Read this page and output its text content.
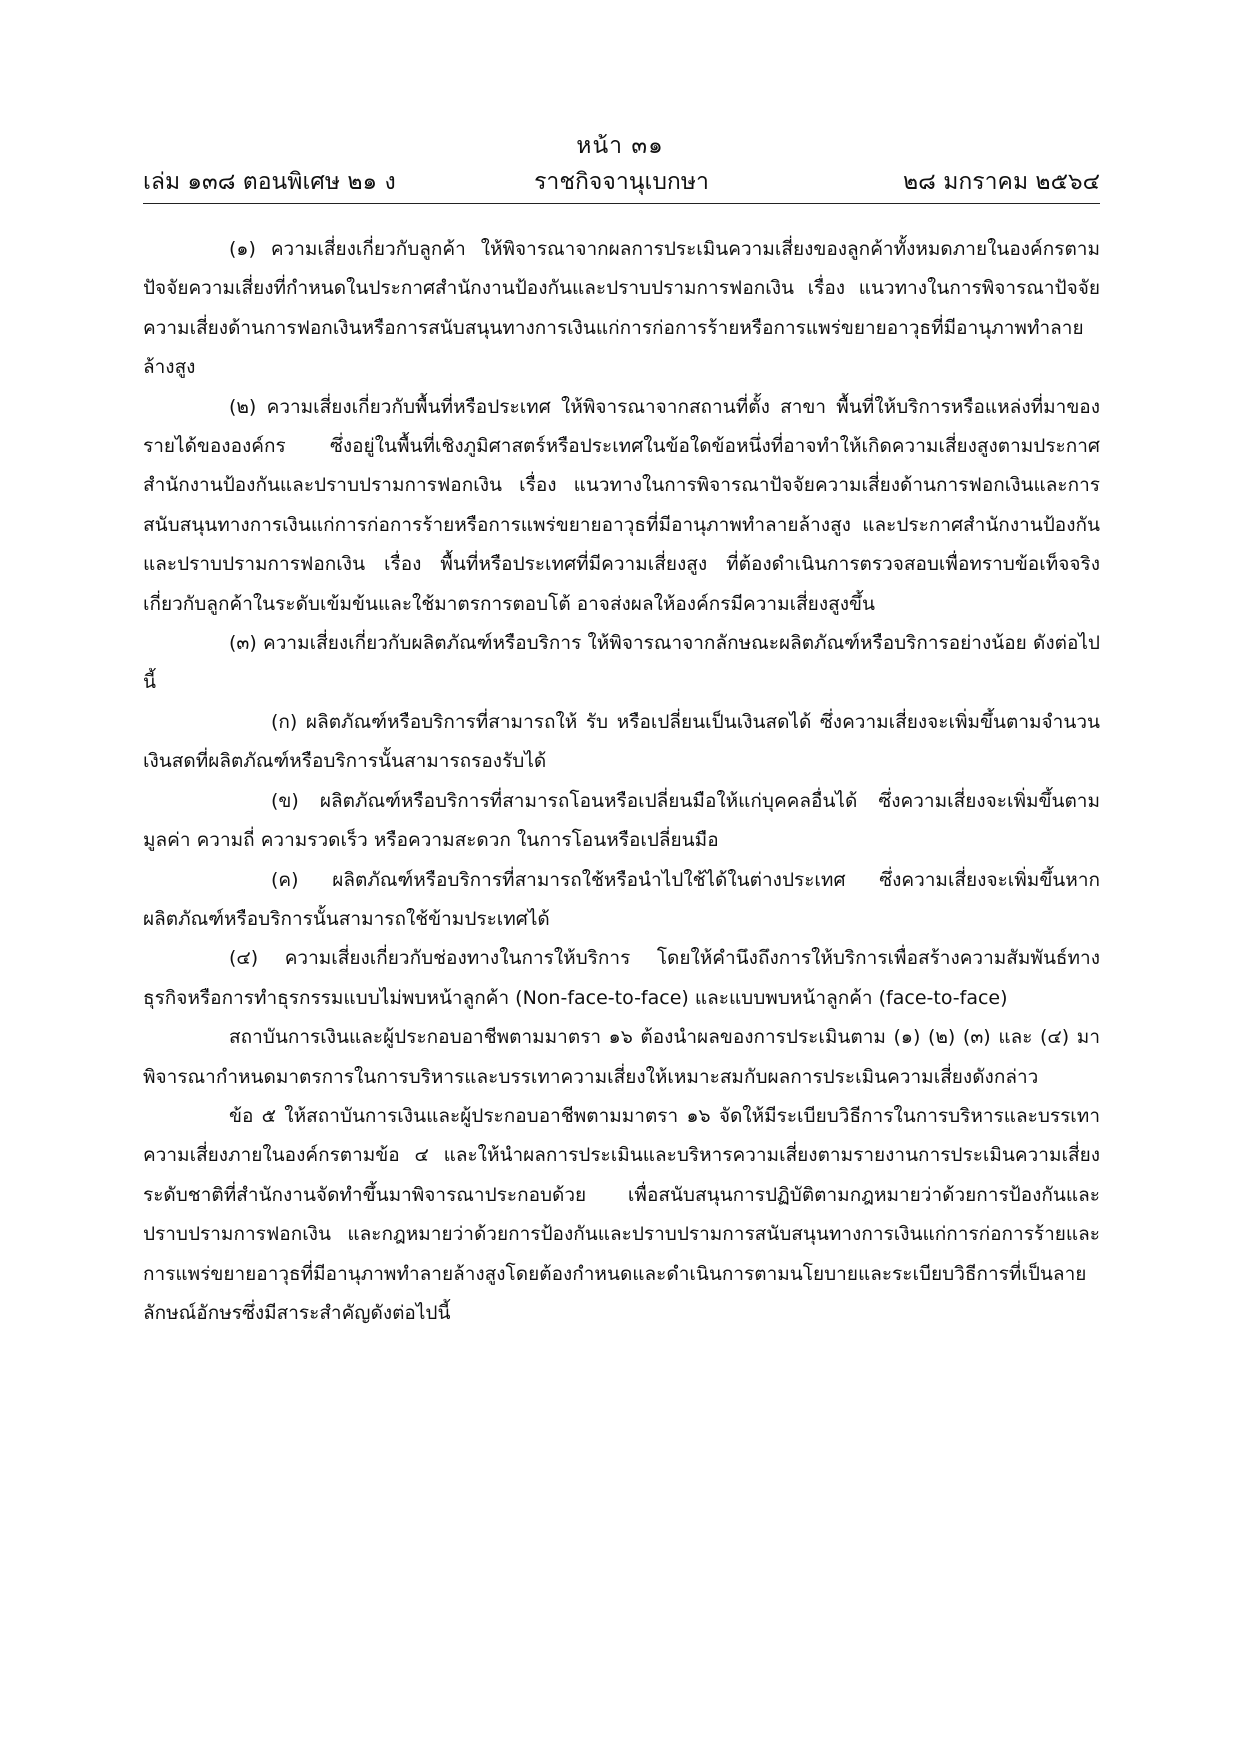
หน้า ๓๑
เล่ม ๑๓๘ ตอนพิเศษ ๒๑ ง	ราชกิจจานุเบกษา	๒๘ มกราคม ๒๕๖๔

(๑) ความเสี่ยงเกี่ยวกับลูกค้า ให้พิจารณาจากผลการประเมินความเสี่ยงของลูกค้าทั้งหมดภายในองค์กรตามปัจจัยความเสี่ยงที่กำหนดในประกาศสำนักงานป้องกันและปราบปรามการฟอกเงิน เรื่อง แนวทางในการพิจารณาปัจจัยความเสี่ยงด้านการฟอกเงินหรือการสนับสนุนทางการเงินแก่การก่อการร้ายหรือการแพร่ขยายอาวุธที่มีอานุภาพทำลายล้างสูง

(๒) ความเสี่ยงเกี่ยวกับพื้นที่หรือประเทศ ให้พิจารณาจากสถานที่ตั้ง สาขา พื้นที่ให้บริการหรือแหล่งที่มาของรายได้ขององค์กร ซึ่งอยู่ในพื้นที่เชิงภูมิศาสตร์หรือประเทศในข้อใดข้อหนึ่งที่อาจทำให้เกิดความเสี่ยงสูงตามประกาศสำนักงานป้องกันและปราบปรามการฟอกเงิน เรื่อง แนวทางในการพิจารณาปัจจัยความเสี่ยงด้านการฟอกเงินและการสนับสนุนทางการเงินแก่การก่อการร้ายหรือการแพร่ขยายอาวุธที่มีอานุภาพทำลายล้างสูง และประกาศสำนักงานป้องกันและปราบปรามการฟอกเงิน เรื่อง พื้นที่หรือประเทศที่มีความเสี่ยงสูง ที่ต้องดำเนินการตรวจสอบเพื่อทราบข้อเท็จจริงเกี่ยวกับลูกค้าในระดับเข้มข้นและใช้มาตรการตอบโต้ อาจส่งผลให้องค์กรมีความเสี่ยงสูงขึ้น

(๓) ความเสี่ยงเกี่ยวกับผลิตภัณฑ์หรือบริการ ให้พิจารณาจากลักษณะผลิตภัณฑ์หรือบริการอย่างน้อย ดังต่อไปนี้

(ก) ผลิตภัณฑ์หรือบริการที่สามารถให้ รับ หรือเปลี่ยนเป็นเงินสดได้ ซึ่งความเสี่ยงจะเพิ่มขึ้นตามจำนวนเงินสดที่ผลิตภัณฑ์หรือบริการนั้นสามารถรองรับได้

(ข) ผลิตภัณฑ์หรือบริการที่สามารถโอนหรือเปลี่ยนมือให้แก่บุคคลอื่นได้ ซึ่งความเสี่ยงจะเพิ่มขึ้นตามมูลค่า ความถี่ ความรวดเร็ว หรือความสะดวก ในการโอนหรือเปลี่ยนมือ

(ค) ผลิตภัณฑ์หรือบริการที่สามารถใช้หรือนำไปใช้ได้ในต่างประเทศ ซึ่งความเสี่ยงจะเพิ่มขึ้นหากผลิตภัณฑ์หรือบริการนั้นสามารถใช้ข้ามประเทศได้

(๔) ความเสี่ยงเกี่ยวกับช่องทางในการให้บริการ โดยให้คำนึงถึงการให้บริการเพื่อสร้างความสัมพันธ์ทางธุรกิจหรือการทำธุรกรรมแบบไม่พบหน้าลูกค้า (Non-face-to-face) และแบบพบหน้าลูกค้า (face-to-face)

สถาบันการเงินและผู้ประกอบอาชีพตามมาตรา ๑๖ ต้องนำผลของการประเมินตาม (๑) (๒) (๓) และ (๔) มาพิจารณากำหนดมาตรการในการบริหารและบรรเทาความเสี่ยงให้เหมาะสมกับผลการประเมินความเสี่ยงดังกล่าว

ข้อ ๕ ให้สถาบันการเงินและผู้ประกอบอาชีพตามมาตรา ๑๖ จัดให้มีระเบียบวิธีการในการบริหารและบรรเทาความเสี่ยงภายในองค์กรตามข้อ ๔ และให้นำผลการประเมินและบริหารความเสี่ยงตามรายงานการประเมินความเสี่ยงระดับชาติที่สำนักงานจัดทำขึ้นมาพิจารณาประกอบด้วย เพื่อสนับสนุนการปฏิบัติตามกฎหมายว่าด้วยการป้องกันและปราบปรามการฟอกเงิน และกฎหมายว่าด้วยการป้องกันและปราบปรามการสนับสนุนทางการเงินแก่การก่อการร้ายและการแพร่ขยายอาวุธที่มีอานุภาพทำลายล้างสูงโดยต้องกำหนดและดำเนินการตามนโยบายและระเบียบวิธีการที่เป็นลายลักษณ์อักษรซึ่งมีสาระสำคัญดังต่อไปนี้
